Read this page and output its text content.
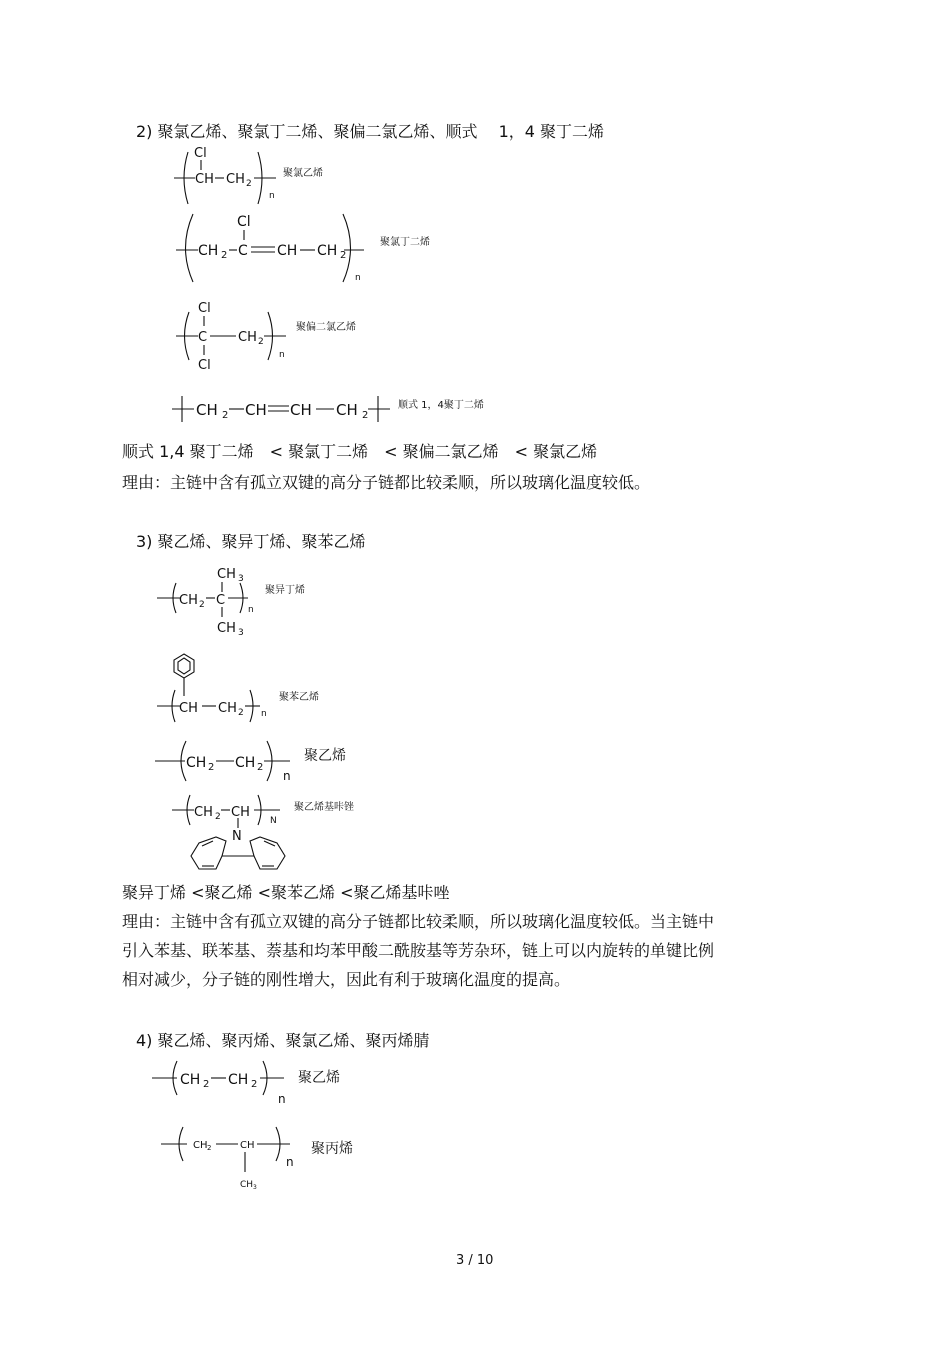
2) 聚氯乙烯、聚氯丁二烯、聚偏二氯乙烯、顺式　 1，4 聚丁二烯
Cl
CH CH 2
n
聚氯乙烯
CH 2
Cl
C CH CH 2
n
聚氯丁二烯
Cl
C CH 2
Cl
n
聚偏二氯乙烯
CH 2 CH CH CH 2
顺式 1，4聚丁二烯
顺式 1,4 聚丁二烯　< 聚氯丁二烯　< 聚偏二氯乙烯　< 聚氯乙烯
理由：主链中含有孤立双键的高分子链都比较柔顺，所以玻璃化温度较低。
3) 聚乙烯、聚异丁烯、聚苯乙烯
CH 3
CH 2 C
CH 3
n
聚异丁烯
CH CH 2 n
聚苯乙烯
CH 2 CH 2
n
聚乙烯
CH 2 CH
N
N
聚乙烯基咔锉
聚异丁烯 <聚乙烯 <聚苯乙烯 <聚乙烯基咔唑
理由：主链中含有孤立双键的高分子链都比较柔顺，所以玻璃化温度较低。当主链中
引入苯基、联苯基、萘基和均苯甲酸二酰胺基等芳杂环，链上可以内旋转的单键比例
相对减少，分子链的刚性增大，因此有利于玻璃化温度的提高。
4) 聚乙烯、聚丙烯、聚氯乙烯、聚丙烯腈
CH 2 CH 2
n
聚乙烯
CH 2	CH
CH 3
n
聚丙烯
3 / 10
